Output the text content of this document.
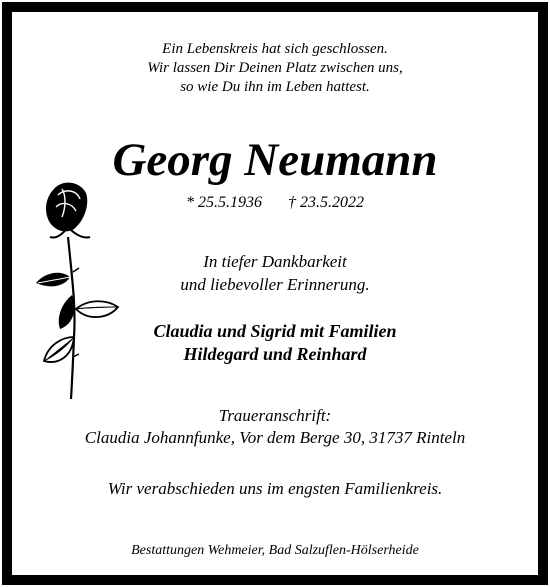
Ein Lebenskreis hat sich geschlossen.
Wir lassen Dir Deinen Platz zwischen uns,
so wie Du ihn im Leben hattest.
Georg Neumann
* 25.5.1936 † 23.5.2022
In tiefer Dankbarkeit
und liebevoller Erinnerung.
Claudia und Sigrid mit Familien
Hildegard und Reinhard
Traueranschrift:
Claudia Johannfunke, Vor dem Berge 30, 31737 Rinteln
Wir verabschieden uns im engsten Familienkreis.
Bestattungen Wehmeier, Bad Salzuflen-Hölserheide
